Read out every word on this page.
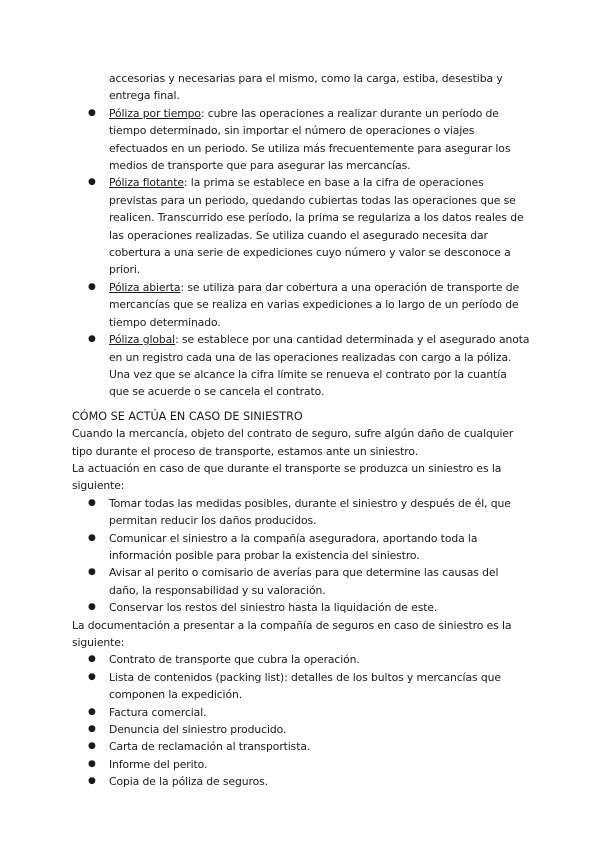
accesorias y necesarias para el mismo, como la carga, estiba, desestiba y entrega final.

● Póliza por tiempo: cubre las operaciones a realizar durante un período de tiempo determinado, sin importar el número de operaciones o viajes efectuados en un periodo. Se utiliza más frecuentemente para asegurar los medios de transporte que para asegurar las mercancías.
● Póliza flotante: la prima se establece en base a la cifra de operaciones previstas para un periodo, quedando cubiertas todas las operaciones que se realicen. Transcurrido ese período, la prima se regulariza a los datos reales de las operaciones realizadas. Se utiliza cuando el asegurado necesita dar cobertura a una serie de expediciones cuyo número y valor se desconoce a priori.
● Póliza abierta: se utiliza para dar cobertura a una operación de transporte de mercancías que se realiza en varias expediciones a lo largo de un período de tiempo determinado.
● Póliza global: se establece por una cantidad determinada y el asegurado anota en un registro cada una de las operaciones realizadas con cargo a la póliza. Una vez que se alcance la cifra límite se renueva el contrato por la cuantía que se acuerde o se cancela el contrato.
CÓMO SE ACTÚA EN CASO DE SINIESTRO

Cuando la mercancía, objeto del contrato de seguro, sufre algún daño de cualquier tipo durante el proceso de transporte, estamos ante un siniestro.

La actuación en caso de que durante el transporte se produzca un siniestro es la siguiente:

● Tomar todas las medidas posibles, durante el siniestro y después de él, que permitan reducir los daños producidos.
● Comunicar el siniestro a la compañía aseguradora, aportando toda la información posible para probar la existencia del siniestro.
● Avisar al perito o comisario de averías para que determine las causas del daño, la responsabilidad y su valoración.
● Conservar los restos del siniestro hasta la liquidación de este.

La documentación a presentar a la compañía de seguros en caso de siniestro es la siguiente:

● Contrato de transporte que cubra la operación.
● Lista de contenidos (packing list): detalles de los bultos y mercancías que componen la expedición.
● Factura comercial.
● Denuncia del siniestro producido.
● Carta de reclamación al transportista.
● Informe del perito.
● Copia de la póliza de seguros.
